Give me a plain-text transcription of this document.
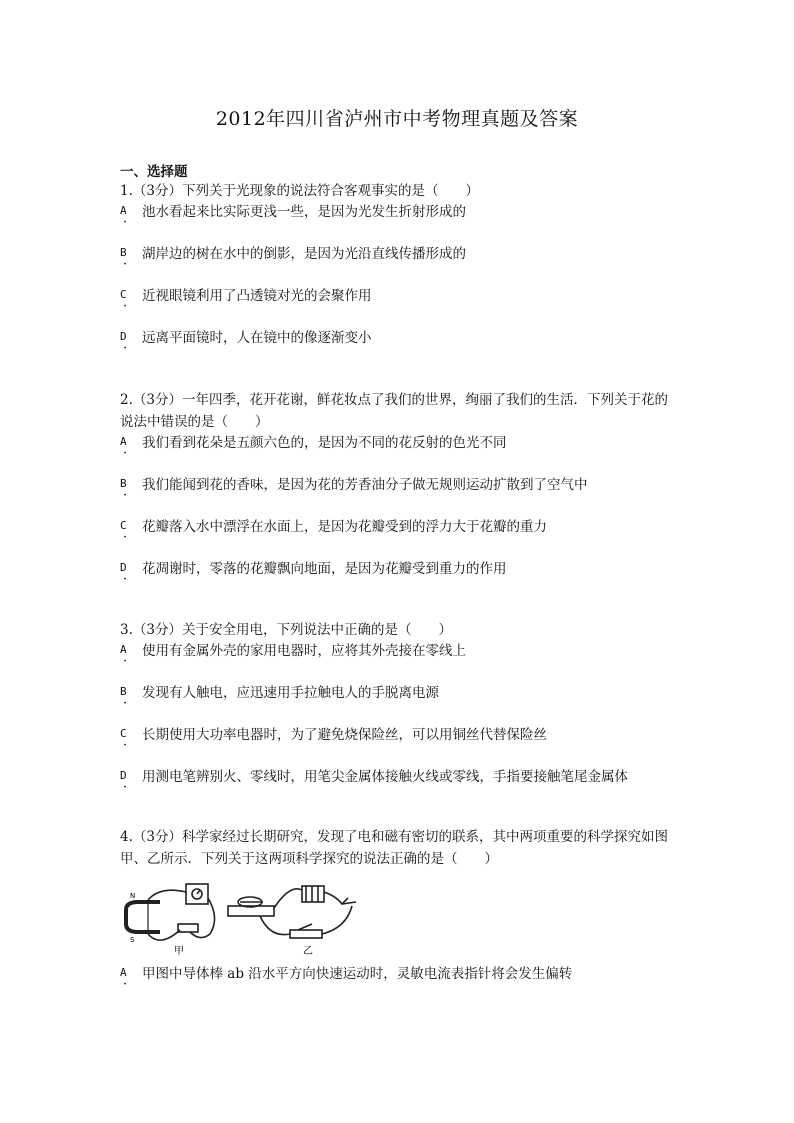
2012年四川省泸州市中考物理真题及答案
一、选择题

1.（3分）下列关于光现象的说法符合客观事实的是（　　）

A
·
池水看起来比实际更浅一些，是因为光发生折射形成的
B
·
湖岸边的树在水中的倒影，是因为光沿直线传播形成的
C
·
近视眼镜利用了凸透镜对光的会聚作用
D
·
远离平面镜时，人在镜中的像逐渐变小

2.（3分）一年四季，花开花谢，鲜花妆点了我们的世界，绚丽了我们的生活．下列关于花的说法中错误的是（　　）

A
·
我们看到花朵是五颜六色的，是因为不同的花反射的色光不同
B
·
我们能闻到花的香味，是因为花的芳香油分子做无规则运动扩散到了空气中
C
·
花瓣落入水中漂浮在水面上，是因为花瓣受到的浮力大于花瓣的重力
D
·
花凋谢时，零落的花瓣飘向地面，是因为花瓣受到重力的作用

3.（3分）关于安全用电，下列说法中正确的是（　　）

A
·
使用有金属外壳的家用电器时，应将其外壳接在零线上
B
·
发现有人触电，应迅速用手拉触电人的手脱离电源
C
·
长期使用大功率电器时，为了避免烧保险丝，可以用铜丝代替保险丝
D
·
用测电笔辨别火、零线时，用笔尖金属体接触火线或零线，手指要接触笔尾金属体

4.（3分）科学家经过长期研究，发现了电和磁有密切的联系，其中两项重要的科学探究如图甲、乙所示．下列关于这两项科学探究的说法正确的是（　　）

N
S
甲	乙
A
·
甲图中导体棒 ab 沿水平方向快速运动时，灵敏电流表指针将会发生偏转
